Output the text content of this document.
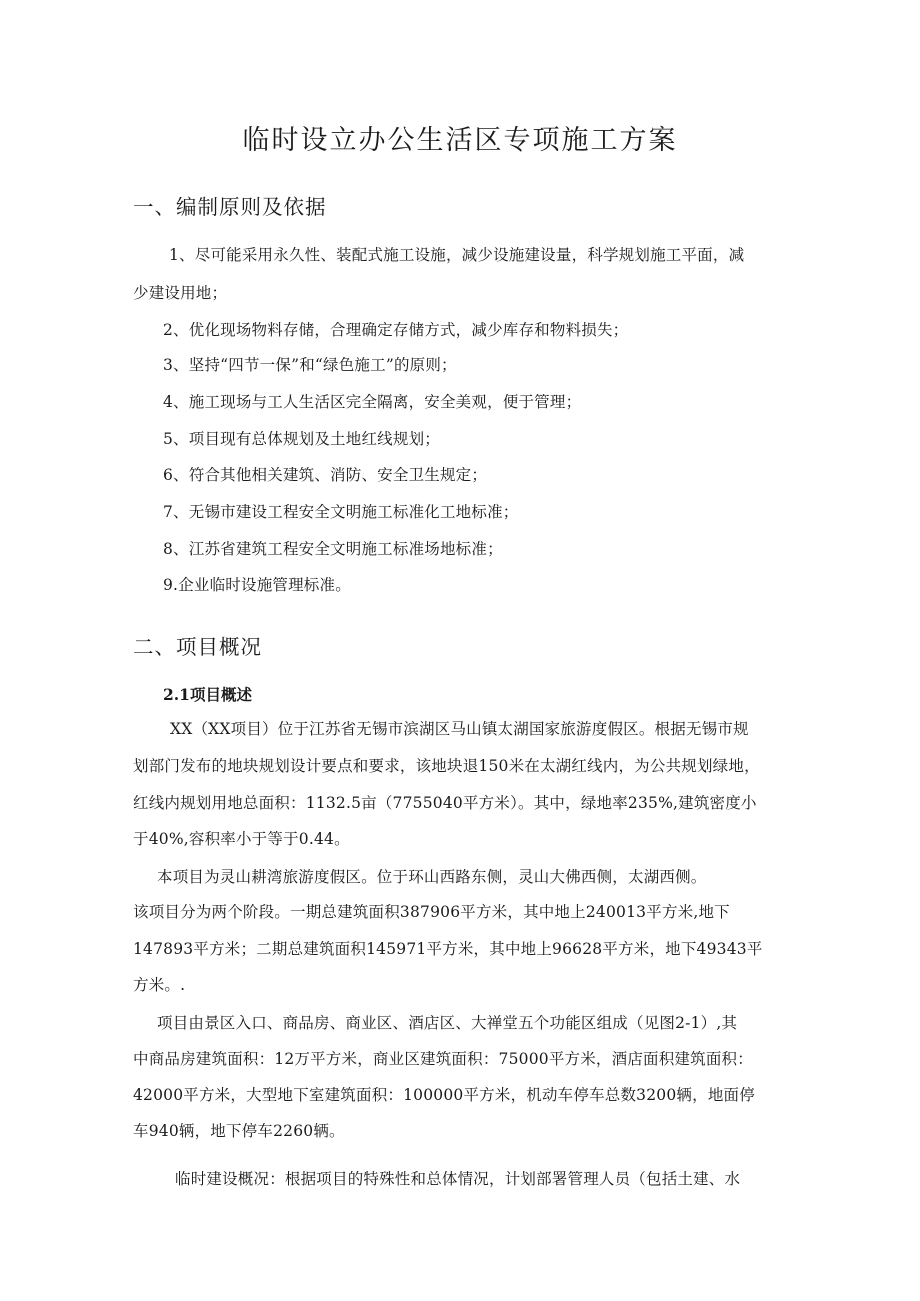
临时设立办公生活区专项施工方案
一、编制原则及依据
1、尽可能采用永久性、装配式施工设施，减少设施建设量，科学规划施工平面，减
少建设用地；
2、优化现场物料存储，合理确定存储方式，减少库存和物料损失；
3、坚持“四节一保”和“绿色施工”的原则；
4、施工现场与工人生活区完全隔离，安全美观，便于管理；
5、项目现有总体规划及土地红线规划；
6、符合其他相关建筑、消防、安全卫生规定；
7、无锡市建设工程安全文明施工标准化工地标准；
8、江苏省建筑工程安全文明施工标准场地标准；
9.企业临时设施管理标准。
二、项目概况
2.1项目概述
XX（XX项目）位于江苏省无锡市滨湖区马山镇太湖国家旅游度假区。根据无锡市规
划部门发布的地块规划设计要点和要求，该地块退150米在太湖红线内，为公共规划绿地，
红线内规划用地总面积：1132.5亩（7755040平方米）。其中，绿地率235%,建筑密度小
于40%,容积率小于等于0.44。
本项目为灵山耕湾旅游度假区。位于环山西路东侧，灵山大佛西侧，太湖西侧。
该项目分为两个阶段。一期总建筑面积387906平方米，其中地上240013平方米,地下
147893平方米；二期总建筑面积145971平方米，其中地上96628平方米，地下49343平
方米。.
项目由景区入口、商品房、商业区、酒店区、大禅堂五个功能区组成（见图2-1）,其
中商品房建筑面积：12万平方米，商业区建筑面积：75000平方米，酒店面积建筑面积：
42000平方米，大型地下室建筑面积：100000平方米，机动车停车总数3200辆，地面停
车940辆，地下停车2260辆。
临时建设概况：根据项目的特殊性和总体情况，计划部署管理人员（包括土建、水
